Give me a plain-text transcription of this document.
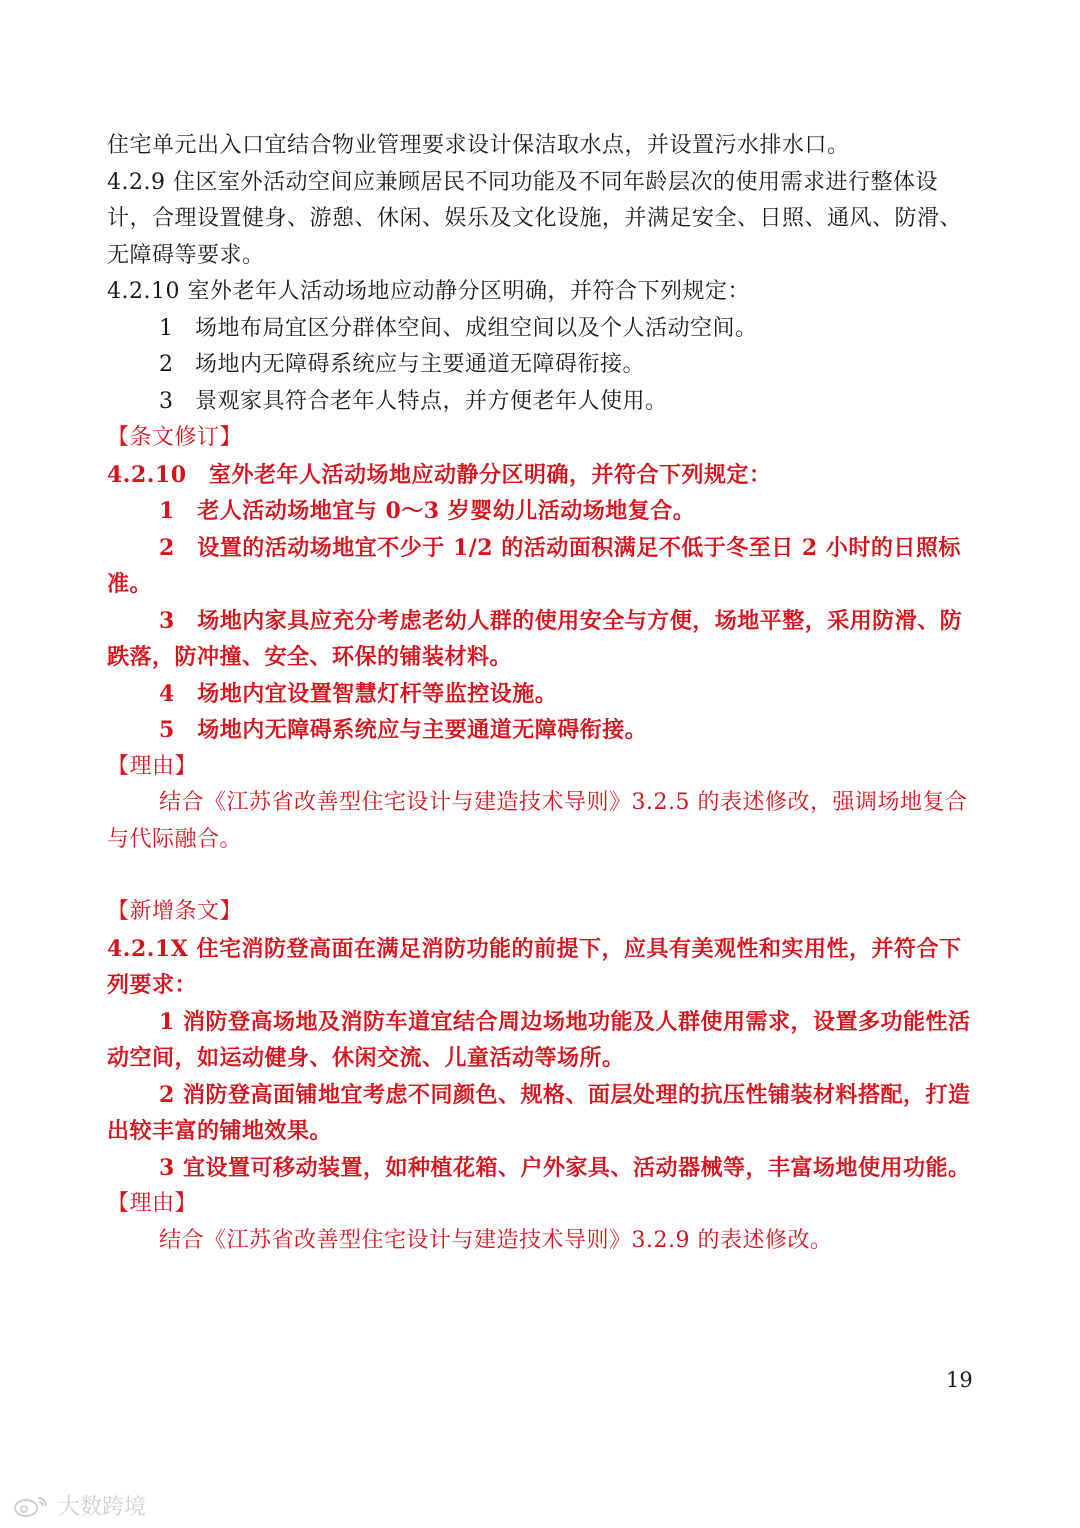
住宅单元出入口宜结合物业管理要求设计保洁取水点，并设置污水排水口。

4.2.9 住区室外活动空间应兼顾居民不同功能及不同年龄层次的使用需求进行整体设计，合理设置健身、游憩、休闲、娱乐及文化设施，并满足安全、日照、通风、防滑、无障碍等要求。

4.2.10 室外老年人活动场地应动静分区明确，并符合下列规定：

1 场地布局宜区分群体空间、成组空间以及个人活动空间。

2 场地内无障碍系统应与主要通道无障碍衔接。

3 景观家具符合老年人特点，并方便老年人使用。

【条文修订】

4.2.10　室外老年人活动场地应动静分区明确，并符合下列规定：

1　老人活动场地宜与 0～3 岁婴幼儿活动场地复合。

2　设置的活动场地宜不少于 1/2 的活动面积满足不低于冬至日 2 小时的日照标准。

3　场地内家具应充分考虑老幼人群的使用安全与方便，场地平整，采用防滑、防跌落，防冲撞、安全、环保的铺装材料。

4　场地内宜设置智慧灯杆等监控设施。

5　场地内无障碍系统应与主要通道无障碍衔接。

【理由】

结合《江苏省改善型住宅设计与建造技术导则》3.2.5 的表述修改，强调场地复合与代际融合。

【新增条文】

4.2.1X 住宅消防登高面在满足消防功能的前提下，应具有美观性和实用性，并符合下列要求：

1 消防登高场地及消防车道宜结合周边场地功能及人群使用需求，设置多功能性活动空间，如运动健身、休闲交流、儿童活动等场所。

2 消防登高面铺地宜考虑不同颜色、规格、面层处理的抗压性铺装材料搭配，打造出较丰富的铺地效果。

3 宜设置可移动装置，如种植花箱、户外家具、活动器械等，丰富场地使用功能。

【理由】

结合《江苏省改善型住宅设计与建造技术导则》3.2.9 的表述修改。

19
大数跨境
